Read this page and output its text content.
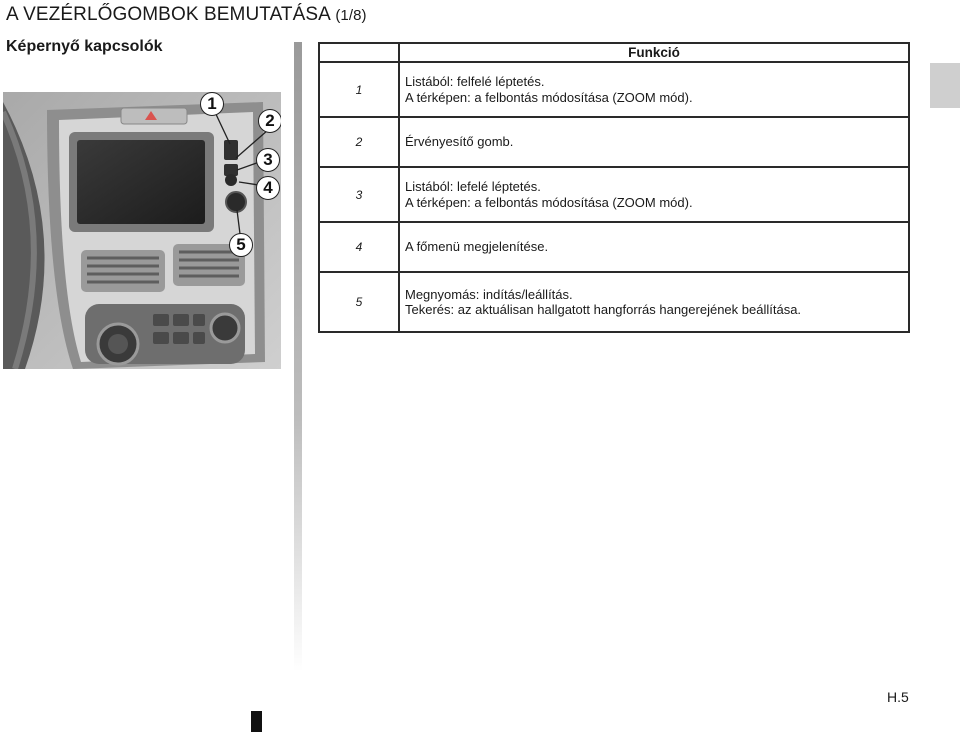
A VEZÉRLŐGOMBOK BEMUTATÁSA (1/8)
Képernyő kapcsolók
1
2
3
4
5
	Funkció
1	Listából: felfelé léptetés.
A térképen: a felbontás módosítása (ZOOM mód).

2	Érvényesítő gomb.

3	Listából: lefelé léptetés.
A térképen: a felbontás módosítása (ZOOM mód).

4	A főmenü megjelenítése.

5	Megnyomás: indítás/leállítás.
Tekerés: az aktuálisan hallgatott hangforrás hangerejének beállítása.
H.5
